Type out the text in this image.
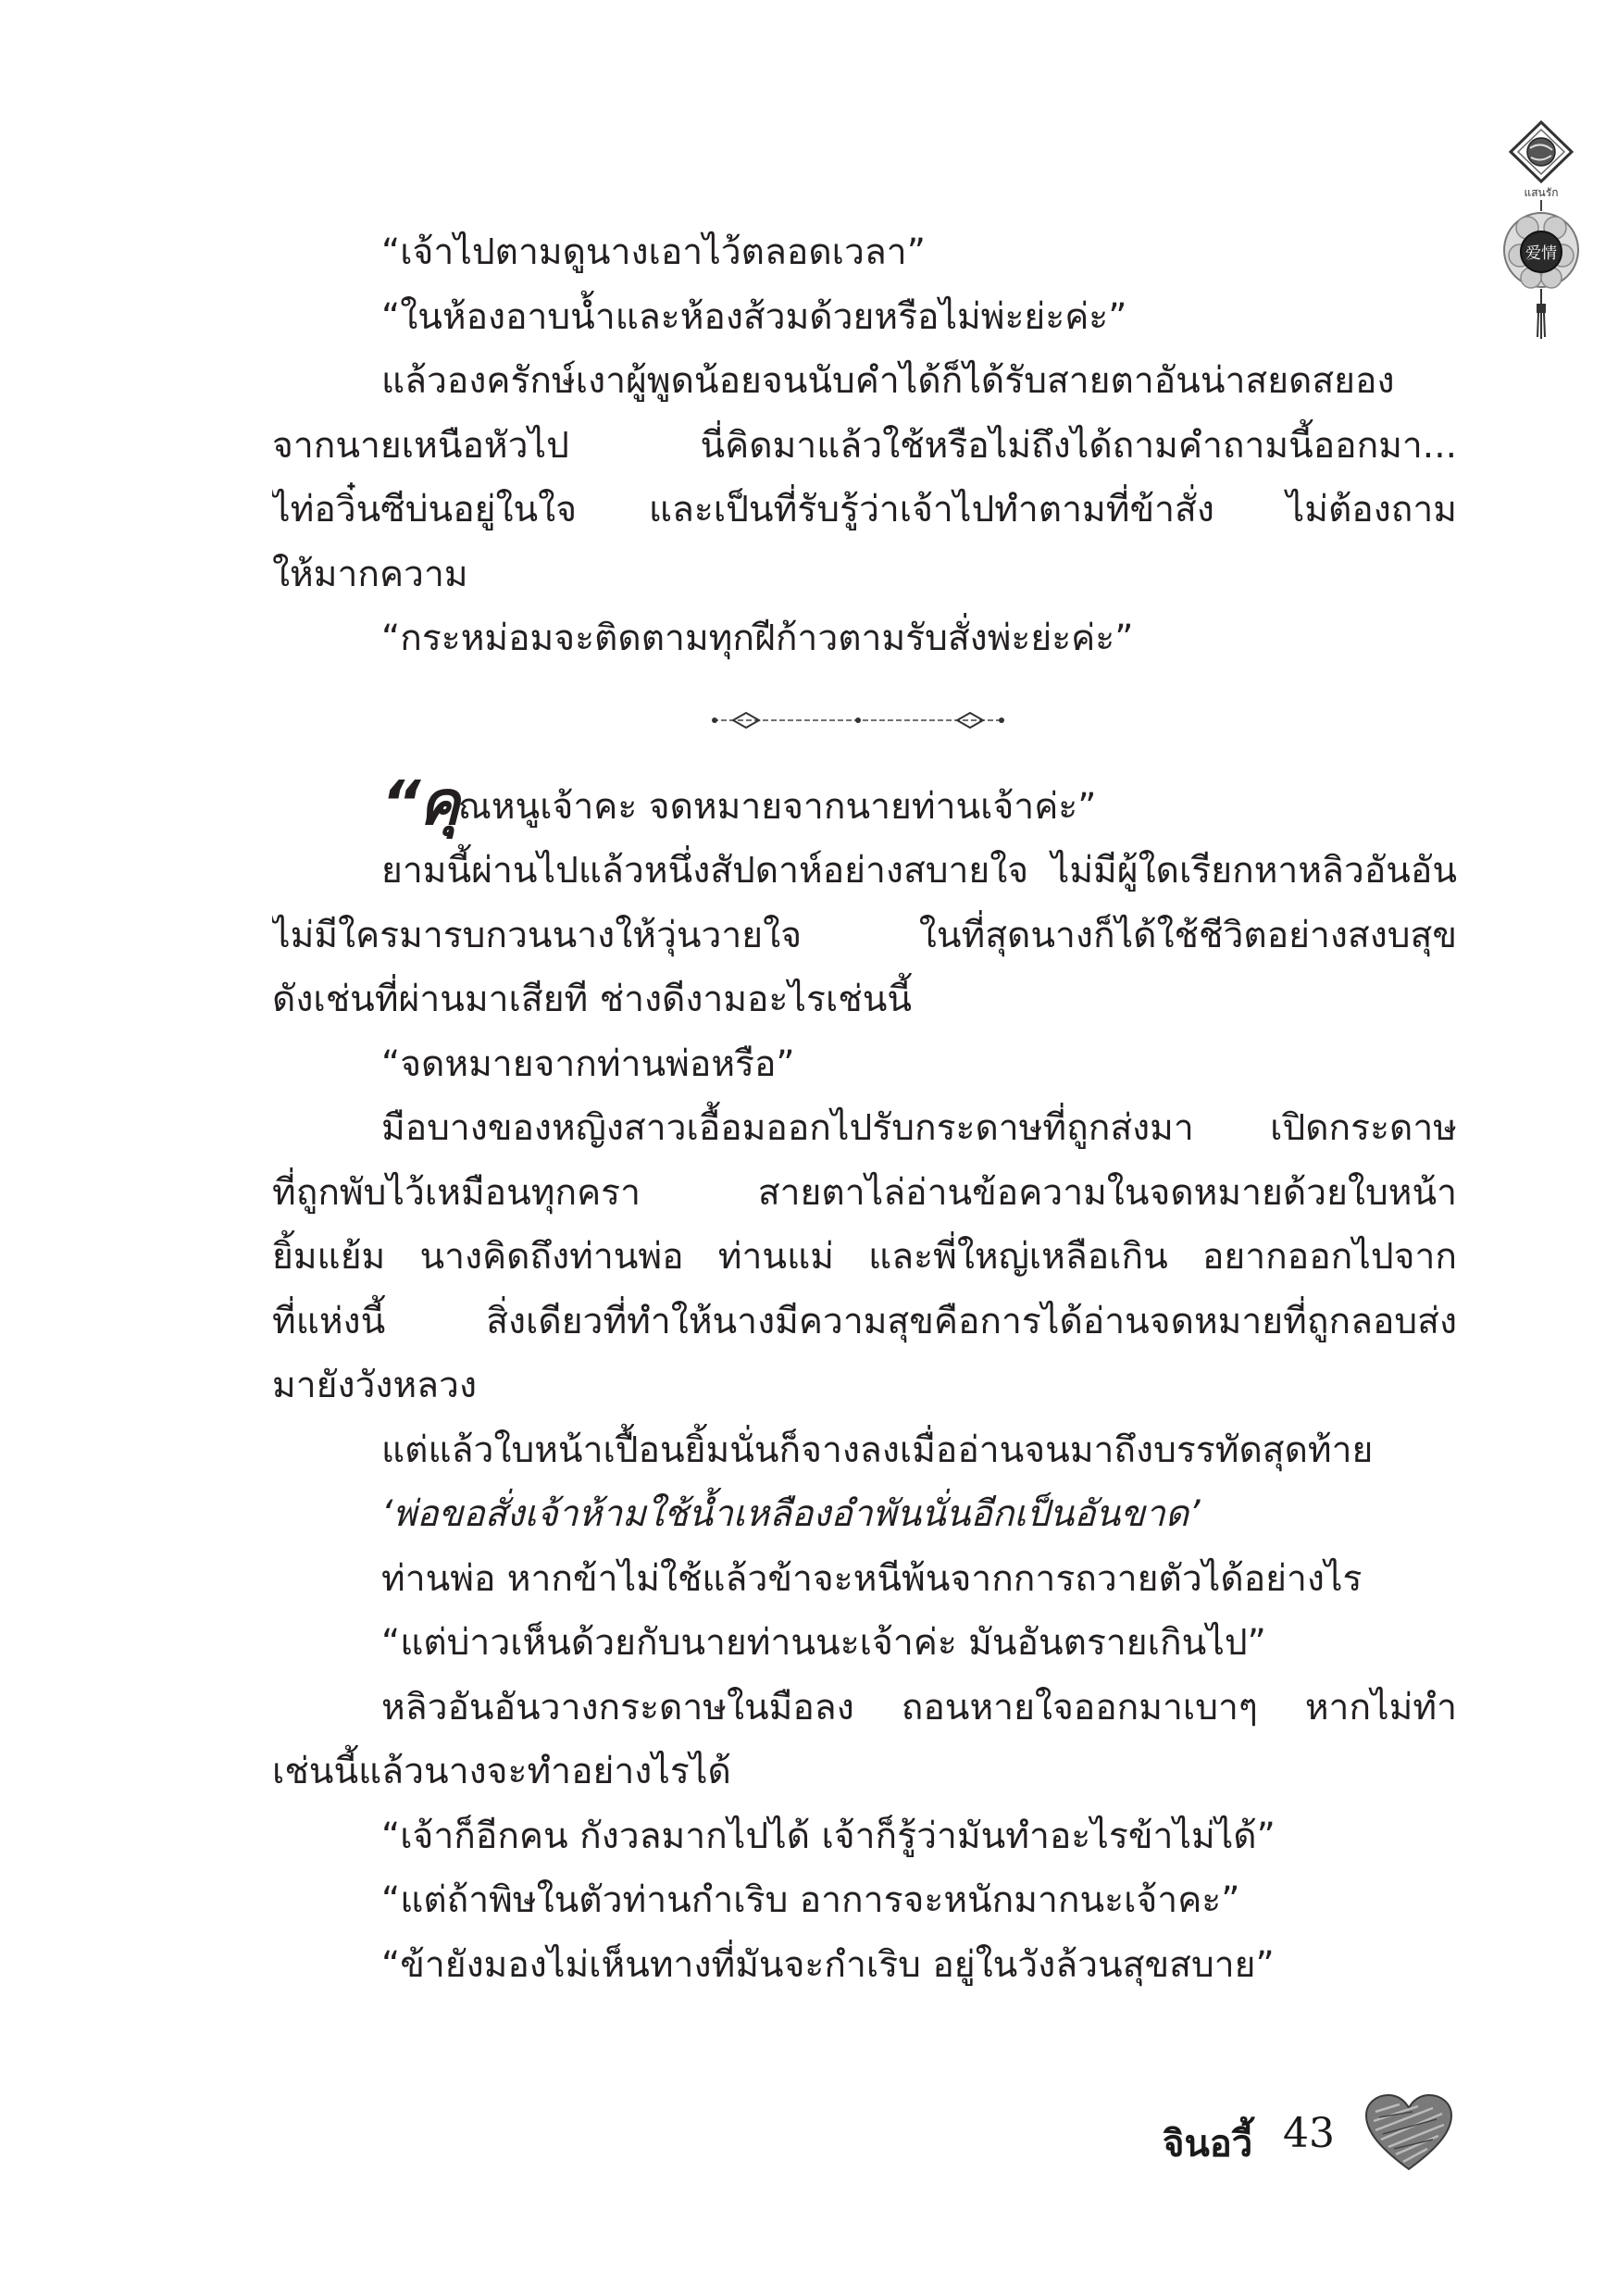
แสนรัก
爱情
“เจ้าไปตามดูนางเอาไว้ตลอดเวลา”
“ในห้องอาบน้ำและห้องส้วมด้วยหรือไม่พ่ะย่ะค่ะ”
แล้วองครักษ์เงาผู้พูดน้อยจนนับคำได้ก็ได้รับสายตาอันน่าสยดสยอง
จากนายเหนือหัวไป นี่คิดมาแล้วใช้หรือไม่ถึงได้ถามคำถามนี้ออกมา...
ไท่อวิ๋นซีบ่นอยู่ในใจ และเป็นที่รับรู้ว่าเจ้าไปทำตามที่ข้าสั่ง ไม่ต้องถาม
ให้มากความ
“กระหม่อมจะติดตามทุกฝีก้าวตามรับสั่งพ่ะย่ะค่ะ”
“คุณหนูเจ้าคะ จดหมายจากนายท่านเจ้าค่ะ”
ยามนี้ผ่านไปแล้วหนึ่งสัปดาห์อย่างสบายใจ ไม่มีผู้ใดเรียกหาหลิวอันอัน
ไม่มีใครมารบกวนนางให้วุ่นวายใจ ในที่สุดนางก็ได้ใช้ชีวิตอย่างสงบสุข
ดังเช่นที่ผ่านมาเสียที ช่างดีงามอะไรเช่นนี้
“จดหมายจากท่านพ่อหรือ”
มือบางของหญิงสาวเอื้อมออกไปรับกระดาษที่ถูกส่งมา เปิดกระดาษ
ที่ถูกพับไว้เหมือนทุกครา สายตาไล่อ่านข้อความในจดหมายด้วยใบหน้า
ยิ้มแย้ม นางคิดถึงท่านพ่อ ท่านแม่ และพี่ใหญ่เหลือเกิน อยากออกไปจาก
ที่แห่งนี้ สิ่งเดียวที่ทำให้นางมีความสุขคือการได้อ่านจดหมายที่ถูกลอบส่ง
มายังวังหลวง
แต่แล้วใบหน้าเปื้อนยิ้มนั่นก็จางลงเมื่ออ่านจนมาถึงบรรทัดสุดท้าย
‘พ่อขอสั่งเจ้าห้ามใช้น้ำเหลืองอำพันนั่นอีกเป็นอันขาด’
ท่านพ่อ หากข้าไม่ใช้แล้วข้าจะหนีพ้นจากการถวายตัวได้อย่างไร
“แต่บ่าวเห็นด้วยกับนายท่านนะเจ้าค่ะ มันอันตรายเกินไป”
หลิวอันอันวางกระดาษในมือลง ถอนหายใจออกมาเบาๆ หากไม่ทำ
เช่นนี้แล้วนางจะทำอย่างไรได้
“เจ้าก็อีกคน กังวลมากไปได้ เจ้าก็รู้ว่ามันทำอะไรข้าไม่ได้”
“แต่ถ้าพิษในตัวท่านกำเริบ อาการจะหนักมากนะเจ้าคะ”
“ข้ายังมองไม่เห็นทางที่มันจะกำเริบ อยู่ในวังล้วนสุขสบาย”
จินอวี้ 43
